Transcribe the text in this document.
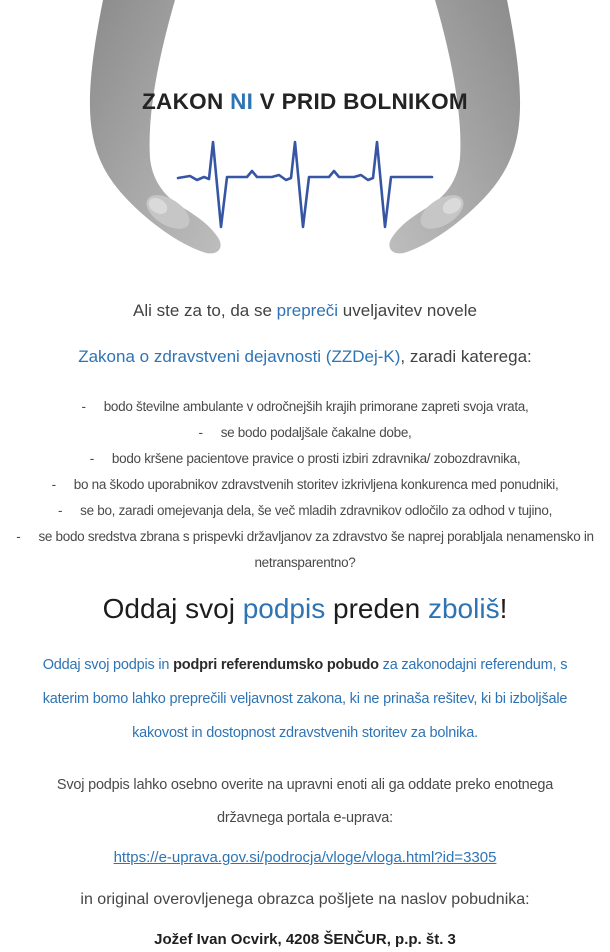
ZAKON NI V PRID BOLNIKOM

Ali ste za to, da se prepreči uveljavitev novele

Zakona o zdravstveni dejavnosti (ZZDej-K), zaradi katerega:

- bodo številne ambulante v odročnejših krajih primorane zapreti svoja vrata,

- se bodo podaljšale čakalne dobe,

- bodo kršene pacientove pravice o prosti izbiri zdravnika/ zobozdravnika,

- bo na škodo uporabnikov zdravstvenih storitev izkrivljena konkurenca med ponudniki,

- se bo, zaradi omejevanja dela, še več mladih zdravnikov odločilo za odhod v tujino,

- se bodo sredstva zbrana s prispevki državljanov za zdravstvo še naprej porabljala nenamensko in netransparentno?

Oddaj svoj podpis preden zboliš!

Oddaj svoj podpis in podpri referendumsko pobudo za zakonodajni referendum, s katerim bomo lahko preprečili veljavnost zakona, ki ne prinaša rešitev, ki bi izboljšale kakovost in dostopnost zdravstvenih storitev za bolnika.

Svoj podpis lahko osebno overite na upravni enoti ali ga oddate preko enotnega državnega portala e-uprava:

https://e-uprava.gov.si/podrocja/vloge/vloga.html?id=3305

in original overovljenega obrazca pošljete na naslov pobudnika:

Jožef Ivan Ocvirk, 4208 ŠENČUR, p.p. št. 3
